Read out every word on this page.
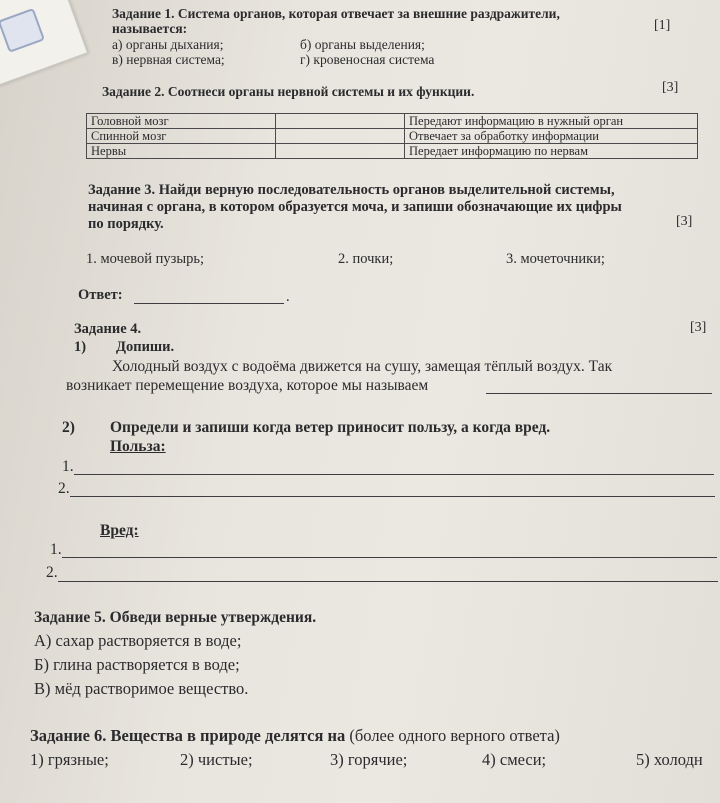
Задание 1. Система органов, которая отвечает за внешние раздражители,
называется:	[1]
а) органы дыхания;	б) органы выделения;
в) нервная система;	г) кровеносная система
Задание 2. Соотнеси органы нервной системы и их функции.	[3]
Головной мозг		Передают информацию в нужный орган
Спинной мозг		Отвечает за обработку информации
Нервы		Передает информацию по нервам
Задание 3. Найди верную последовательность органов выделительной системы,
начиная с органа, в котором образуется моча, и запиши обозначающие их цифры
по порядку.	[3]
1. мочевой пузырь;	2. почки;	3. мочеточники;
Ответ:	.
Задание 4.	[3]
1) Допиши.
Холодный воздух с водоёма движется на сушу, замещая тёплый воздух. Так
возникает перемещение воздуха, которое мы называем
2) Определи и запиши когда ветер приносит пользу, а когда вред.
Польза:
1.
2.
Вред:
1.
2.
Задание 5. Обведи верные утверждения.
А) сахар растворяется в воде;
Б) глина растворяется в воде;
В) мёд растворимое вещество.
Задание 6. Вещества в природе делятся на (более одного верного ответа)
1) грязные;	2) чистые;	3) горячие;	4) смеси;	5) холодн
